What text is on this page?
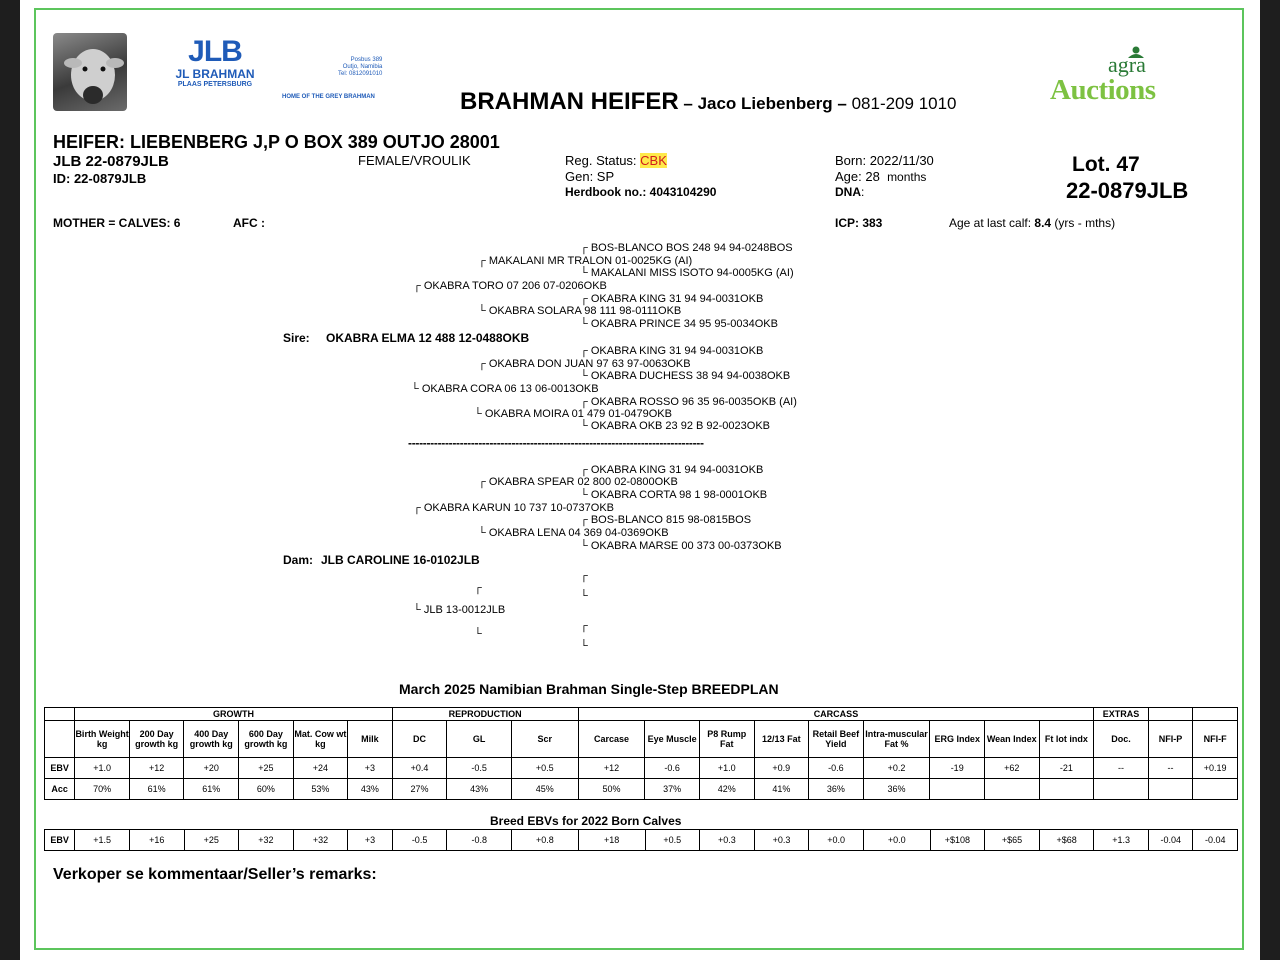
JLB
JL BRAHMAN
PLAAS PETERSBURG
Posbus 389
Outjo, Namibia
Tel: 0812091010
HOME OF THE GREY BRAHMAN
agra
Auctions
BRAHMAN HEIFER – Jaco Liebenberg – 081-209 1010
HEIFER: LIEBENBERG J,P O BOX 389 OUTJO 28001
JLB 22-0879JLB
ID: 22-0879JLB
FEMALE/VROULIK	Reg. Status: CBK
Gen: SP
Herdbook no.: 4043104290
Born: 2022/11/30
Age: 28 months
DNA:
Lot. 47
22-0879JLB
MOTHER = CALVES: 6	AFC :	ICP: 383	Age at last calf: 8.4 (yrs - mths)
┌ BOS-BLANCO BOS 248 94 94-0248BOS
┌ MAKALANI MR TRALON 01-0025KG (AI)
└ MAKALANI MISS ISOTO 94-0005KG (AI)
┌ OKABRA TORO 07 206 07-0206OKB
┌ OKABRA KING 31 94 94-0031OKB
└ OKABRA SOLARA 98 111 98-0111OKB
└ OKABRA PRINCE 34 95 95-0034OKB
Sire: OKABRA ELMA 12 488 12-0488OKB
┌ OKABRA KING 31 94 94-0031OKB
┌ OKABRA DON JUAN 97 63 97-0063OKB
└ OKABRA DUCHESS 38 94 94-0038OKB
└ OKABRA CORA 06 13 06-0013OKB
┌ OKABRA ROSSO 96 35 96-0035OKB (AI)
└ OKABRA MOIRA 01 479 01-0479OKB
└ OKABRA OKB 23 92 B 92-0023OKB
--------------------------------------------------------------------------------
┌ OKABRA KING 31 94 94-0031OKB
┌ OKABRA SPEAR 02 800 02-0800OKB
└ OKABRA CORTA 98 1 98-0001OKB
┌ OKABRA KARUN 10 737 10-0737OKB
┌ BOS-BLANCO 815 98-0815BOS
└ OKABRA LENA 04 369 04-0369OKB
└ OKABRA MARSE 00 373 00-0373OKB
Dam: JLB CAROLINE 16-0102JLB
┌
┌
└
└ JLB 13-0012JLB
┌
└
└
March 2025 Namibian Brahman Single-Step BREEDPLAN
	GROWTH						REPRODUCTION			CARCASS									EXTRAS		
	Birth Weight kg	200 Day growth kg	400 Day growth kg	600 Day growth kg	Mat. Cow wt kg	Milk	DC	GL	Scr	Carcase	Eye Muscle	P8 Rump Fat	12/13 Fat	Retail Beef Yield	Intra-muscular Fat %	ERG Index	Wean Index	Ft lot indx	Doc.	NFI-P	NFI-F
EBV	+1.0	+12	+20	+25	+24	+3	+0.4	-0.5	+0.5	+12	-0.6	+1.0	+0.9	-0.6	+0.2	-19	+62	-21	--	--	+0.19
Acc	70%	61%	61%	60%	53%	43%	27%	43%	45%	50%	37%	42%	41%	36%	36%						
Breed EBVs for 2022 Born Calves
EBV	+1.5	+16	+25	+32	+32	+3	-0.5	-0.8	+0.8	+18	+0.5	+0.3	+0.3	+0.0	+0.0	+$108	+$65	+$68	+1.3	-0.04	-0.04
Verkoper se kommentaar/Seller’s remarks:
